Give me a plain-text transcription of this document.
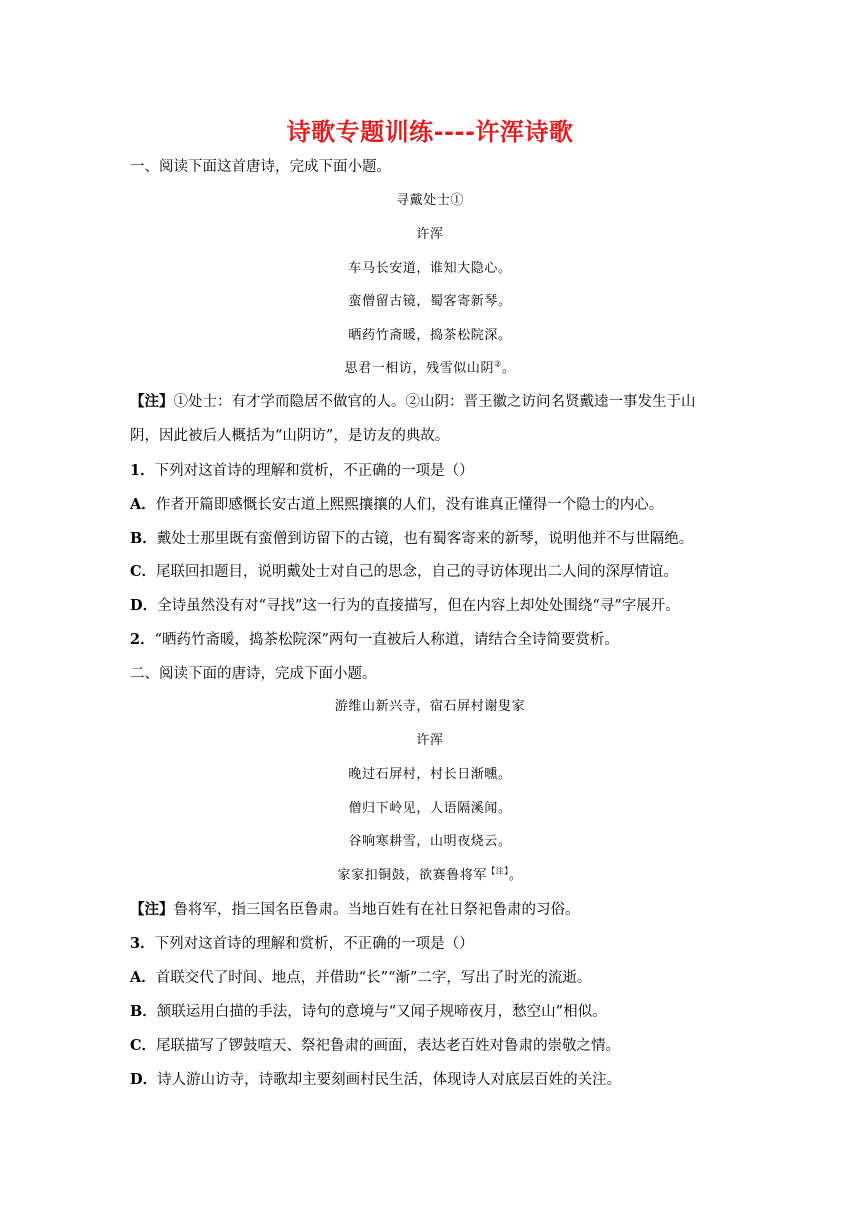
诗歌专题训练----许浑诗歌
一、阅读下面这首唐诗，完成下面小题。
寻戴处士①
许浑
车马长安道，谁知大隐心。
蛮僧留古镜，蜀客寄新琴。
晒药竹斋暖，捣茶松院深。
思君一相访，残雪似山阴②。
【注】①处士：有才学而隐居不做官的人。②山阴：晋王徽之访问名贤戴逵一事发生于山
阴，因此被后人概括为“山阴访”，是访友的典故。
1．下列对这首诗的理解和赏析，不正确的一项是（）
A．作者开篇即感慨长安古道上熙熙攘攘的人们，没有谁真正懂得一个隐士的内心。
B．戴处士那里既有蛮僧到访留下的古镜，也有蜀客寄来的新琴，说明他并不与世隔绝。
C．尾联回扣题目，说明戴处士对自己的思念，自己的寻访体现出二人间的深厚情谊。
D．全诗虽然没有对“寻找”这一行为的直接描写，但在内容上却处处围绕“寻”字展开。
2．“晒药竹斋暖，捣茶松院深”两句一直被后人称道，请结合全诗简要赏析。
二、阅读下面的唐诗，完成下面小题。
游维山新兴寺，宿石屏村谢叟家
许浑
晚过石屏村，村长日渐曛。
僧归下岭见，人语隔溪闻。
谷响寒耕雪，山明夜烧云。
家家扣铜鼓，欲赛鲁将军$^{【注】}$。
【注】鲁将军，指三国名臣鲁肃。当地百姓有在社日祭祀鲁肃的习俗。
3．下列对这首诗的理解和赏析，不正确的一项是（）
A．首联交代了时间、地点，并借助“长”“渐”二字，写出了时光的流逝。
B．颔联运用白描的手法，诗句的意境与“又闻子规啼夜月，愁空山”相似。
C．尾联描写了锣鼓喧天、祭祀鲁肃的画面，表达老百姓对鲁肃的崇敬之情。
D．诗人游山访寺，诗歌却主要刻画村民生活，体现诗人对底层百姓的关注。
